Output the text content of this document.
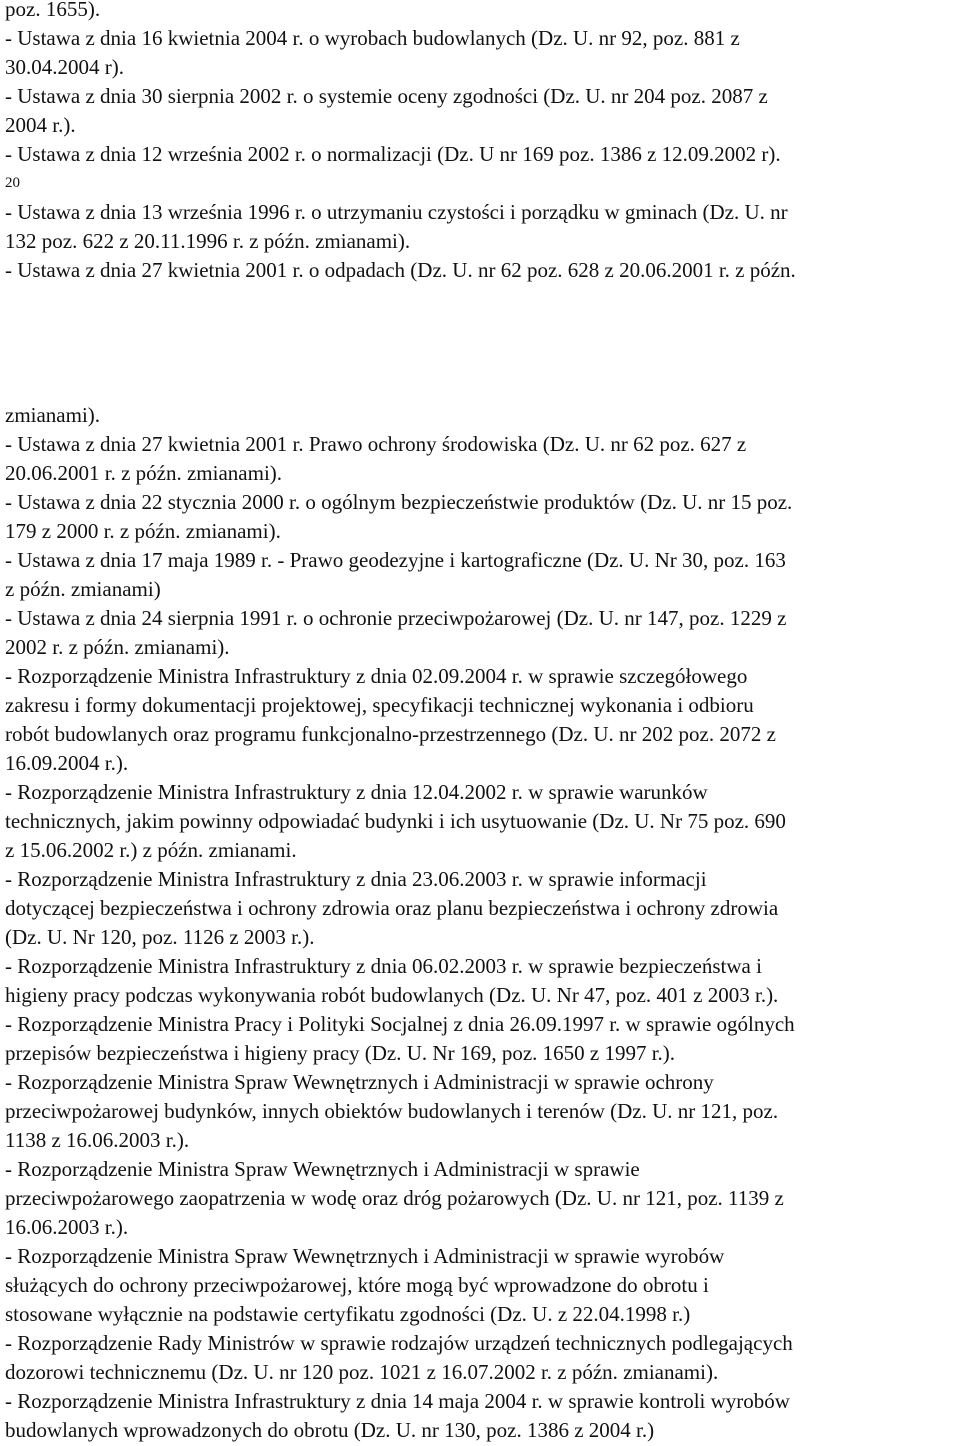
poz. 1655).
- Ustawa z dnia 16 kwietnia 2004 r. o wyrobach budowlanych (Dz. U. nr 92, poz. 881 z
30.04.2004 r).
- Ustawa z dnia 30 sierpnia 2002 r. o systemie oceny zgodności (Dz. U. nr 204 poz. 2087 z
2004 r.).
- Ustawa z dnia 12 września 2002 r. o normalizacji (Dz. U nr 169 poz. 1386 z 12.09.2002 r).
20
- Ustawa z dnia 13 września 1996 r. o utrzymaniu czystości i porządku w gminach (Dz. U. nr
132 poz. 622 z 20.11.1996 r. z późn. zmianami).
- Ustawa z dnia 27 kwietnia 2001 r. o odpadach (Dz. U. nr 62 poz. 628 z 20.06.2001 r. z późn.
zmianami).
- Ustawa z dnia 27 kwietnia 2001 r. Prawo ochrony środowiska (Dz. U. nr 62 poz. 627 z
20.06.2001 r. z późn. zmianami).
- Ustawa z dnia 22 stycznia 2000 r. o ogólnym bezpieczeństwie produktów (Dz. U. nr 15 poz.
179 z 2000 r. z późn. zmianami).
- Ustawa z dnia 17 maja 1989 r. - Prawo geodezyjne i kartograficzne (Dz. U. Nr 30, poz. 163
z późn. zmianami)
- Ustawa z dnia 24 sierpnia 1991 r. o ochronie przeciwpożarowej (Dz. U. nr 147, poz. 1229 z
2002 r. z późn. zmianami).
- Rozporządzenie Ministra Infrastruktury z dnia 02.09.2004 r. w sprawie szczegółowego
zakresu i formy dokumentacji projektowej, specyfikacji technicznej wykonania i odbioru
robót budowlanych oraz programu funkcjonalno-przestrzennego (Dz. U. nr 202 poz. 2072 z
16.09.2004 r.).
- Rozporządzenie Ministra Infrastruktury z dnia 12.04.2002 r. w sprawie warunków
technicznych, jakim powinny odpowiadać budynki i ich usytuowanie (Dz. U. Nr 75 poz. 690
z 15.06.2002 r.) z późn. zmianami.
- Rozporządzenie Ministra Infrastruktury z dnia 23.06.2003 r. w sprawie informacji
dotyczącej bezpieczeństwa i ochrony zdrowia oraz planu bezpieczeństwa i ochrony zdrowia
(Dz. U. Nr 120, poz. 1126 z 2003 r.).
- Rozporządzenie Ministra Infrastruktury z dnia 06.02.2003 r. w sprawie bezpieczeństwa i
higieny pracy podczas wykonywania robót budowlanych (Dz. U. Nr 47, poz. 401 z 2003 r.).
- Rozporządzenie Ministra Pracy i Polityki Socjalnej z dnia 26.09.1997 r. w sprawie ogólnych
przepisów bezpieczeństwa i higieny pracy (Dz. U. Nr 169, poz. 1650 z 1997 r.).
- Rozporządzenie Ministra Spraw Wewnętrznych i Administracji w sprawie ochrony
przeciwpożarowej budynków, innych obiektów budowlanych i terenów (Dz. U. nr 121, poz.
1138 z 16.06.2003 r.).
- Rozporządzenie Ministra Spraw Wewnętrznych i Administracji w sprawie
przeciwpożarowego zaopatrzenia w wodę oraz dróg pożarowych (Dz. U. nr 121, poz. 1139 z
16.06.2003 r.).
- Rozporządzenie Ministra Spraw Wewnętrznych i Administracji w sprawie wyrobów
służących do ochrony przeciwpożarowej, które mogą być wprowadzone do obrotu i
stosowane wyłącznie na podstawie certyfikatu zgodności (Dz. U. z 22.04.1998 r.)
- Rozporządzenie Rady Ministrów w sprawie rodzajów urządzeń technicznych podlegających
dozorowi technicznemu (Dz. U. nr 120 poz. 1021 z 16.07.2002 r. z późn. zmianami).
- Rozporządzenie Ministra Infrastruktury z dnia 14 maja 2004 r. w sprawie kontroli wyrobów
budowlanych wprowadzonych do obrotu (Dz. U. nr 130, poz. 1386 z 2004 r.)
